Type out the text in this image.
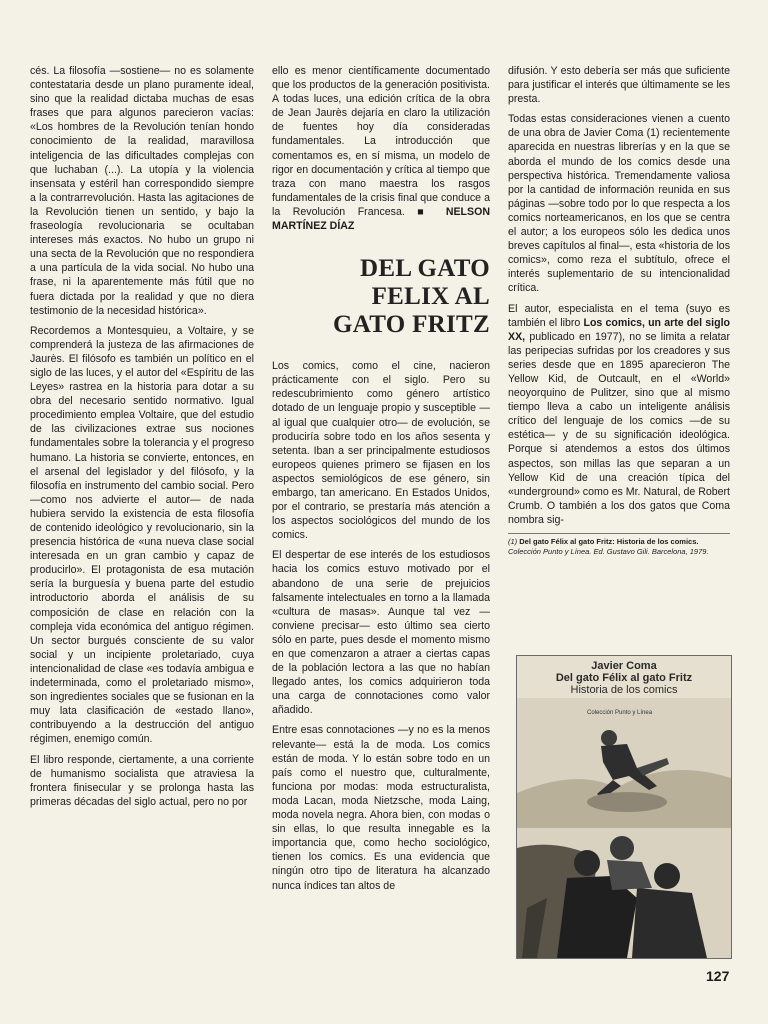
cés. La filosofía —sostiene— no es solamente contestataria desde un plano puramente ideal, sino que la realidad dictaba muchas de esas frases que para algunos parecieron vacías: «Los hombres de la Revolución tenían hondo conocimiento de la realidad, maravillosa inteligencia de las dificultades complejas con que luchaban (...). La utopía y la violencia insensata y estéril han correspondido siempre a la contrarrevolución. Hasta las agitaciones de la Revolución tienen un sentido, y bajo la fraseología revolucionaria se ocultaban intereses más exactos. No hubo un grupo ni una secta de la Revolución que no respondiera a una partícula de la vida social. No hubo una frase, ni la aparentemente más fútil que no fuera dictada por la realidad y que no diera testimonio de la necesidad histórica».

Recordemos a Montesquieu, a Voltaire, y se comprenderá la justeza de las afirmaciones de Jaurès. El filósofo es también un político en el siglo de las luces, y el autor del «Espíritu de las Leyes» rastrea en la historia para dotar a su obra del necesario sentido normativo. Igual procedimiento emplea Voltaire, que del estudio de las civilizaciones extrae sus nociones fundamentales sobre la tolerancia y el progreso humano. La historia se convierte, entonces, en el arsenal del legislador y del filósofo, y la filosofía en instrumento del cambio social. Pero —como nos advierte el autor— de nada hubiera servido la existencia de esta filosofía de contenido ideológico y revolucionario, sin la presencia histórica de «una nueva clase social interesada en un gran cambio y capaz de producirlo». El protagonista de esa mutación sería la burguesía y buena parte del estudio introductorio aborda el análisis de su composición de clase en relación con la compleja vida económica del antiguo régimen. Un sector burgués consciente de su valor social y un incipiente proletariado, cuya intencionalidad de clase «es todavía ambigua e indeterminada, como el proletariado mismo», son ingredientes sociales que se fusionan en la muy lata clasificación de «estado llano», contribuyendo a la destrucción del antiguo régimen, enemigo común.

El libro responde, ciertamente, a una corriente de humanismo socialista que atraviesa la frontera finisecular y se prolonga hasta las primeras décadas del siglo actual, pero no por

ello es menor científicamente documentado que los productos de la generación positivista. A todas luces, una edición crítica de la obra de Jean Jaurès dejaría en claro la utilización de fuentes hoy día consideradas fundamentales. La introducción que comentamos es, en sí misma, un modelo de rigor en documentación y crítica al tiempo que traza con mano maestra los rasgos fundamentales de la crisis final que conduce a la Revolución Francesa. ■ NELSON MARTÍNEZ DÍAZ

DEL GATO
FELIX AL
GATO FRITZ

Los comics, como el cine, nacieron prácticamente con el siglo. Pero su redescubrimiento como género artístico dotado de un lenguaje propio y susceptible —al igual que cualquier otro— de evolución, se produciría sobre todo en los años sesenta y setenta. Iban a ser principalmente estudiosos europeos quienes primero se fijasen en los aspectos semiológicos de ese género, sin embargo, tan americano. En Estados Unidos, por el contrario, se prestaría más atención a los aspectos sociológicos del mundo de los comics.

El despertar de ese interés de los estudiosos hacia los comics estuvo motivado por el abandono de una serie de prejuicios falsamente intelectuales en torno a la llamada «cultura de masas». Aunque tal vez —conviene precisar— esto último sea cierto sólo en parte, pues desde el momento mismo en que comenzaron a atraer a ciertas capas de la población lectora a las que no habían llegado antes, los comics adquirieron toda una carga de connotaciones como valor añadido.

Entre esas connotaciones —y no es la menos relevante— está la de moda. Los comics están de moda. Y lo están sobre todo en un país como el nuestro que, culturalmente, funciona por modas: moda estructuralista, moda Lacan, moda Nietzsche, moda Laing, moda novela negra. Ahora bien, con modas o sin ellas, lo que resulta innegable es la importancia que, como hecho sociológico, tienen los comics. Es una evidencia que ningún otro tipo de literatura ha alcanzado nunca índices tan altos de

difusión. Y esto debería ser más que suficiente para justificar el interés que últimamente se les presta.

Todas estas consideraciones vienen a cuento de una obra de Javier Coma (1) recientemente aparecida en nuestras librerías y en la que se aborda el mundo de los comics desde una perspectiva histórica. Tremendamente valiosa por la cantidad de información reunida en sus páginas —sobre todo por lo que respecta a los comics norteamericanos, en los que se centra el autor; a los europeos sólo les dedica unos breves capítulos al final—, esta «historia de los comics», como reza el subtítulo, ofrece el interés suplementario de su intencionalidad crítica.

El autor, especialista en el tema (suyo es también el libro Los comics, un arte del siglo XX, publicado en 1977), no se limita a relatar las peripecias sufridas por los creadores y sus series desde que en 1895 aparecieron The Yellow Kid, de Outcault, en el «World» neoyorquino de Pulitzer, sino que al mismo tiempo lleva a cabo un inteligente análisis crítico del lenguaje de los comics —de su estética— y de su significación ideológica. Porque si atendemos a estos dos últimos aspectos, son millas las que separan a un Yellow Kid de una creación típica del «underground» como es Mr. Natural, de Robert Crumb. O también a los dos gatos que Coma nombra sig-

(1) Del gato Félix al gato Fritz: Historia de los comics. Colección Punto y Línea. Ed. Gustavo Gili. Barcelona, 1979.
Javier Coma
Del gato Félix al gato Fritz
Historia de los comics
Colección Punto y Línea
127
